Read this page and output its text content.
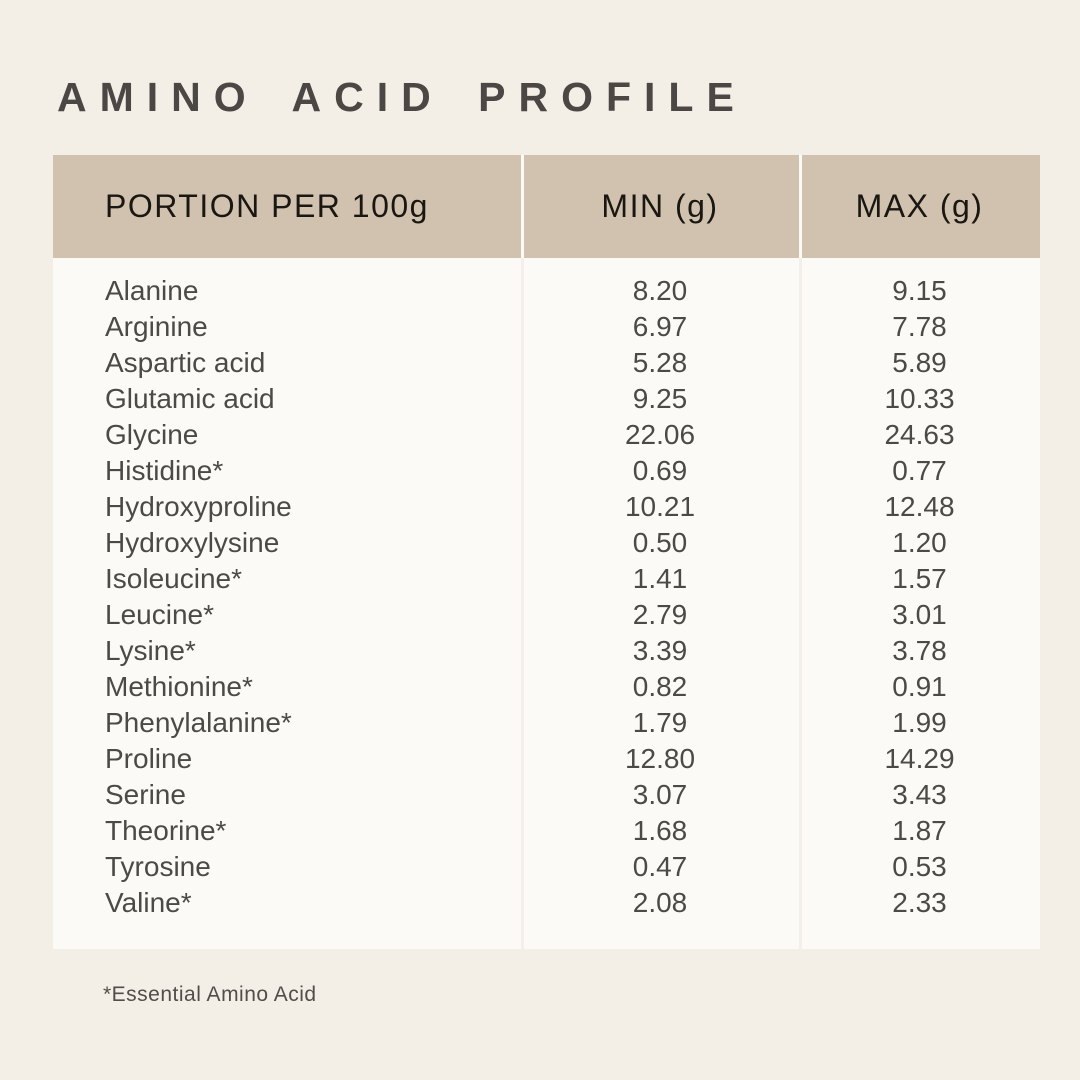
AMINO ACID PROFILE
PORTION PER 100g	MIN (g)	MAX (g)
Alanine	8.20	9.15
Arginine	6.97	7.78
Aspartic acid	5.28	5.89
Glutamic acid	9.25	10.33
Glycine	22.06	24.63
Histidine*	0.69	0.77
Hydroxyproline	10.21	12.48
Hydroxylysine	0.50	1.20
Isoleucine*	1.41	1.57
Leucine*	2.79	3.01
Lysine*	3.39	3.78
Methionine*	0.82	0.91
Phenylalanine*	1.79	1.99
Proline	12.80	14.29
Serine	3.07	3.43
Theorine*	1.68	1.87
Tyrosine	0.47	0.53
Valine*	2.08	2.33
*Essential Amino Acid
